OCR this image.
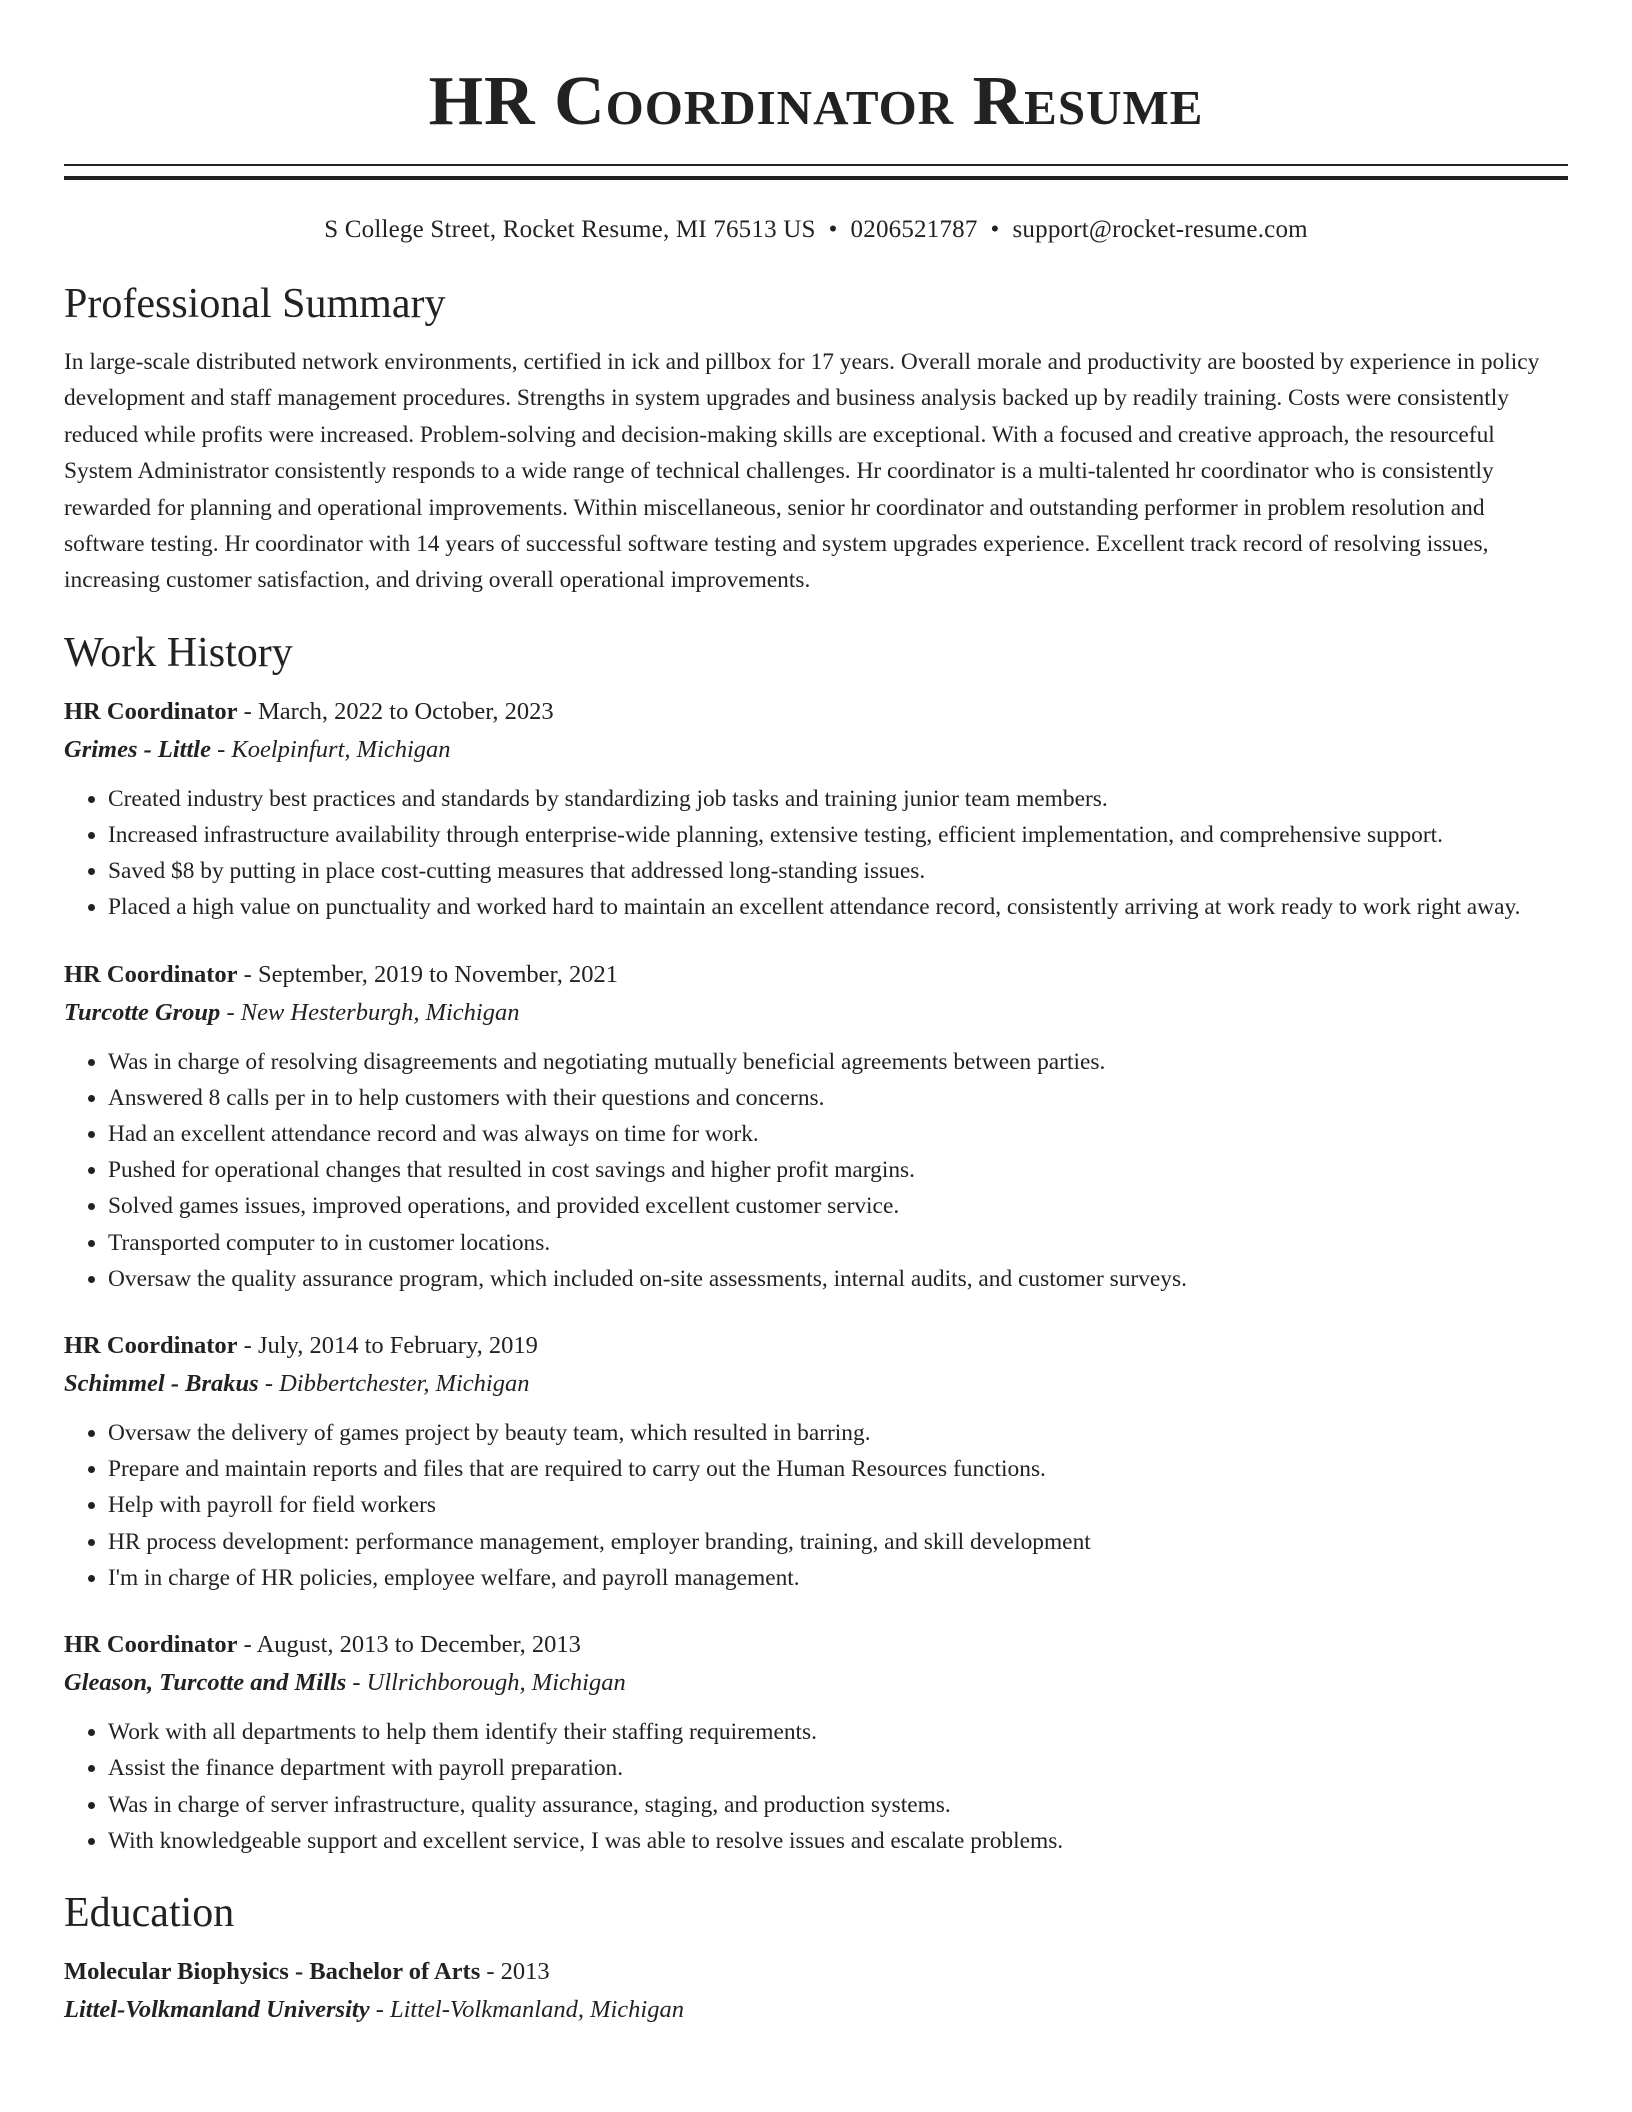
HR Coordinator Resume
S College Street, Rocket Resume, MI 76513 US • 0206521787 • support@rocket-resume.com
Professional Summary

In large-scale distributed network environments, certified in ick and pillbox for 17 years. Overall morale and productivity are boosted by experience in policy development and staff management procedures. Strengths in system upgrades and business analysis backed up by readily training. Costs were consistently reduced while profits were increased. Problem-solving and decision-making skills are exceptional. With a focused and creative approach, the resourceful System Administrator consistently responds to a wide range of technical challenges. Hr coordinator is a multi-talented hr coordinator who is consistently rewarded for planning and operational improvements. Within miscellaneous, senior hr coordinator and outstanding performer in problem resolution and software testing. Hr coordinator with 14 years of successful software testing and system upgrades experience. Excellent track record of resolving issues, increasing customer satisfaction, and driving overall operational improvements.

Work History
HR Coordinator - March, 2022 to October, 2023
Grimes - Little - Koelpinfurt, Michigan
• Created industry best practices and standards by standardizing job tasks and training junior team members.
• Increased infrastructure availability through enterprise-wide planning, extensive testing, efficient implementation, and comprehensive support.
• Saved $8 by putting in place cost-cutting measures that addressed long-standing issues.
• Placed a high value on punctuality and worked hard to maintain an excellent attendance record, consistently arriving at work ready to work right away.
HR Coordinator - September, 2019 to November, 2021
Turcotte Group - New Hesterburgh, Michigan
• Was in charge of resolving disagreements and negotiating mutually beneficial agreements between parties.
• Answered 8 calls per in to help customers with their questions and concerns.
• Had an excellent attendance record and was always on time for work.
• Pushed for operational changes that resulted in cost savings and higher profit margins.
• Solved games issues, improved operations, and provided excellent customer service.
• Transported computer to in customer locations.
• Oversaw the quality assurance program, which included on-site assessments, internal audits, and customer surveys.
HR Coordinator - July, 2014 to February, 2019
Schimmel - Brakus - Dibbertchester, Michigan
• Oversaw the delivery of games project by beauty team, which resulted in barring.
• Prepare and maintain reports and files that are required to carry out the Human Resources functions.
• Help with payroll for field workers
• HR process development: performance management, employer branding, training, and skill development
• I'm in charge of HR policies, employee welfare, and payroll management.
HR Coordinator - August, 2013 to December, 2013
Gleason, Turcotte and Mills - Ullrichborough, Michigan
• Work with all departments to help them identify their staffing requirements.
• Assist the finance department with payroll preparation.
• Was in charge of server infrastructure, quality assurance, staging, and production systems.
• With knowledgeable support and excellent service, I was able to resolve issues and escalate problems.
Education
Molecular Biophysics - Bachelor of Arts - 2013
Littel-Volkmanland University - Littel-Volkmanland, Michigan
